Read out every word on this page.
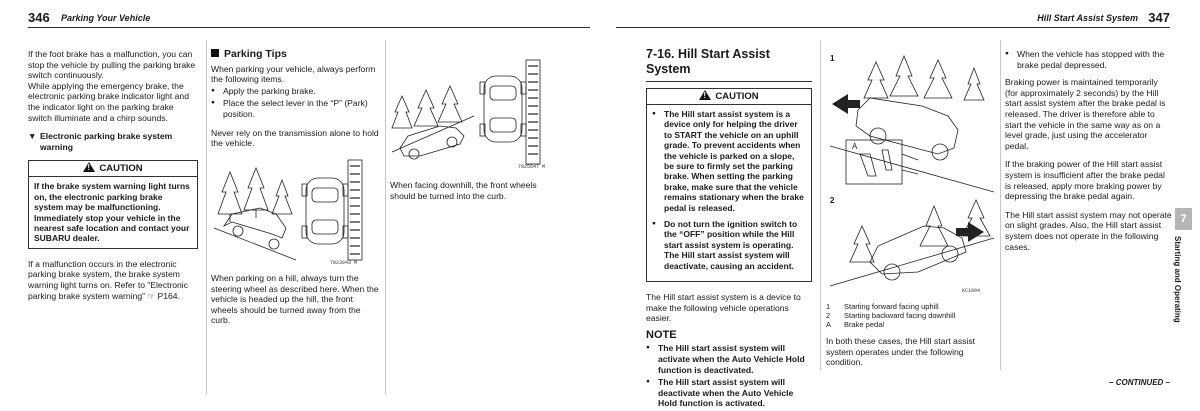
346 Parking Your Vehicle

If the foot brake has a malfunction, you can stop the vehicle by pulling the parking brake switch continuously.

While applying the emergency brake, the electronic parking brake indicator light and the indicator light on the parking brake switch illuminate and a chirp sounds.

▼ Electronic parking brake system warning
!CAUTION
If the brake system warning light turns on, the electronic parking brake system may be malfunctioning. Immediately stop your vehicle in the nearest safe location and contact your SUBARU dealer.

If a malfunction occurs in the electronic parking brake system, the brake system warning light turns on. Refer to “Electronic parking brake system warning” ☞ P164.

Parking Tips

When parking your vehicle, always perform the following items.

● Apply the parking brake.
● Place the select lever in the “P” (Park) position.

Never rely on the transmission alone to hold the vehicle.

7023043 M

When parking on a hill, always turn the steering wheel as described here. When the vehicle is headed up the hill, the front wheels should be turned away from the curb.

7025547 M

When facing downhill, the front wheels should be turned into the curb.

Hill Start Assist System 347
7-16. Hill Start Assist System
!CAUTION
● The Hill start assist system is a device only for helping the driver to START the vehicle on an uphill grade. To prevent accidents when the vehicle is parked on a slope, be sure to firmly set the parking brake. When setting the parking brake, make sure that the vehicle remains stationary when the brake pedal is released.
● Do not turn the ignition switch to the “OFF” position while the Hill start assist system is operating. The Hill start assist system will deactivate, causing an accident.

The Hill start assist system is a device to make the following vehicle operations easier.

NOTE
● The Hill start assist system will activate when the Auto Vehicle Hold function is deactivated.
● The Hill start assist system will deactivate when the Auto Vehicle Hold function is activated.
1
A
2
KC1804
1	Starting forward facing uphill
2	Starting backward facing downhill
A	Brake pedal

In both these cases, the Hill start assist system operates under the following condition.

● When the vehicle has stopped with the brake pedal depressed.

Braking power is maintained temporarily (for approximately 2 seconds) by the Hill start assist system after the brake pedal is released. The driver is therefore able to start the vehicle in the same way as on a level grade, just using the accelerator pedal.

If the braking power of the Hill start assist system is insufficient after the brake pedal is released, apply more braking power by depressing the brake pedal again.

The Hill start assist system may not operate on slight grades. Also, the Hill start assist system does not operate in the following cases.

7
Starting and Operating
– CONTINUED –
